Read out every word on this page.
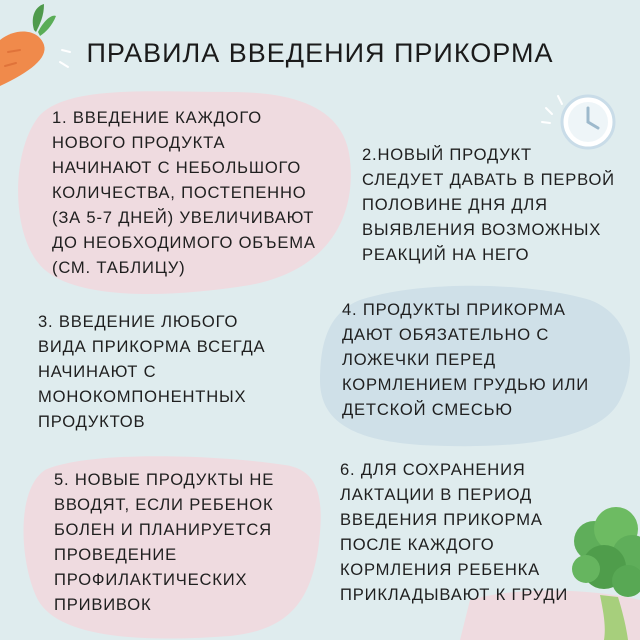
ПРАВИЛА ВВЕДЕНИЯ ПРИКОРМА

1. ВВЕДЕНИЕ КАЖДОГО
НОВОГО ПРОДУКТА
НАЧИНАЮТ С НЕБОЛЬШОГО
КОЛИЧЕСТВА, ПОСТЕПЕННО
(ЗА 5-7 ДНЕЙ) УВЕЛИЧИВАЮТ
ДО НЕОБХОДИМОГО ОБЪЕМА
(СМ. ТАБЛИЦУ)

2.НОВЫЙ ПРОДУКТ
СЛЕДУЕТ ДАВАТЬ В ПЕРВОЙ
ПОЛОВИНЕ ДНЯ ДЛЯ
ВЫЯВЛЕНИЯ ВОЗМОЖНЫХ
РЕАКЦИЙ НА НЕГО

3. ВВЕДЕНИЕ ЛЮБОГО
ВИДА ПРИКОРМА ВСЕГДА
НАЧИНАЮТ С
МОНОКОМПОНЕНТНЫХ
ПРОДУКТОВ

4. ПРОДУКТЫ ПРИКОРМА
ДАЮТ ОБЯЗАТЕЛЬНО С
ЛОЖЕЧКИ ПЕРЕД
КОРМЛЕНИЕМ ГРУДЬЮ ИЛИ
ДЕТСКОЙ СМЕСЬЮ

5. НОВЫЕ ПРОДУКТЫ НЕ
ВВОДЯТ, ЕСЛИ РЕБЕНОК
БОЛЕН И ПЛАНИРУЕТСЯ
ПРОВЕДЕНИЕ
ПРОФИЛАКТИЧЕСКИХ
ПРИВИВОК

6. ДЛЯ СОХРАНЕНИЯ
ЛАКТАЦИИ В ПЕРИОД
ВВЕДЕНИЯ ПРИКОРМА
ПОСЛЕ КАЖДОГО
КОРМЛЕНИЯ РЕБЕНКА
ПРИКЛАДЫВАЮТ К ГРУДИ
